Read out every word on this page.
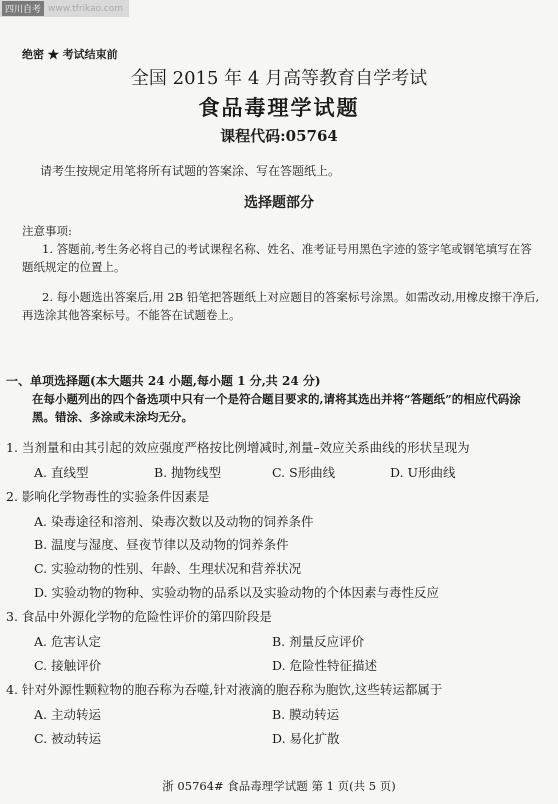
四川自考 www.tfrikao.com
绝密 ★ 考试结束前
全国 2015 年 4 月高等教育自学考试
食品毒理学试题
课程代码:05764
请考生按规定用笔将所有试题的答案涂、写在答题纸上。
选择题部分
注意事项:
1. 答题前,考生务必将自己的考试课程名称、姓名、准考证号用黑色字迹的签字笔或钢笔填写在答题纸规定的位置上。
2. 每小题选出答案后,用 2B 铅笔把答题纸上对应题目的答案标号涂黑。如需改动,用橡皮擦干净后,再选涂其他答案标号。不能答在试题卷上。
一、单项选择题(本大题共 24 小题,每小题 1 分,共 24 分)
在每小题列出的四个备选项中只有一个是符合题目要求的,请将其选出并将“答题纸”的相应代码涂黑。错涂、多涂或未涂均无分。
1. 当剂量和由其引起的效应强度严格按比例增减时,剂量–效应关系曲线的形状呈现为
A. 直线型	B. 抛物线型	C. S形曲线	D. U形曲线
2. 影响化学物毒性的实验条件因素是
A. 染毒途径和溶剂、染毒次数以及动物的饲养条件
B. 温度与湿度、昼夜节律以及动物的饲养条件
C. 实验动物的性别、年龄、生理状况和营养状况
D. 实验动物的物种、实验动物的品系以及实验动物的个体因素与毒性反应
3. 食品中外源化学物的危险性评价的第四阶段是
A. 危害认定	B. 剂量反应评价
C. 接触评价	D. 危险性特征描述
4. 针对外源性颗粒物的胞吞称为吞噬,针对液滴的胞吞称为胞饮,这些转运都属于
A. 主动转运	B. 膜动转运
C. 被动转运	D. 易化扩散
浙 05764# 食品毒理学试题 第 1 页(共 5 页)
